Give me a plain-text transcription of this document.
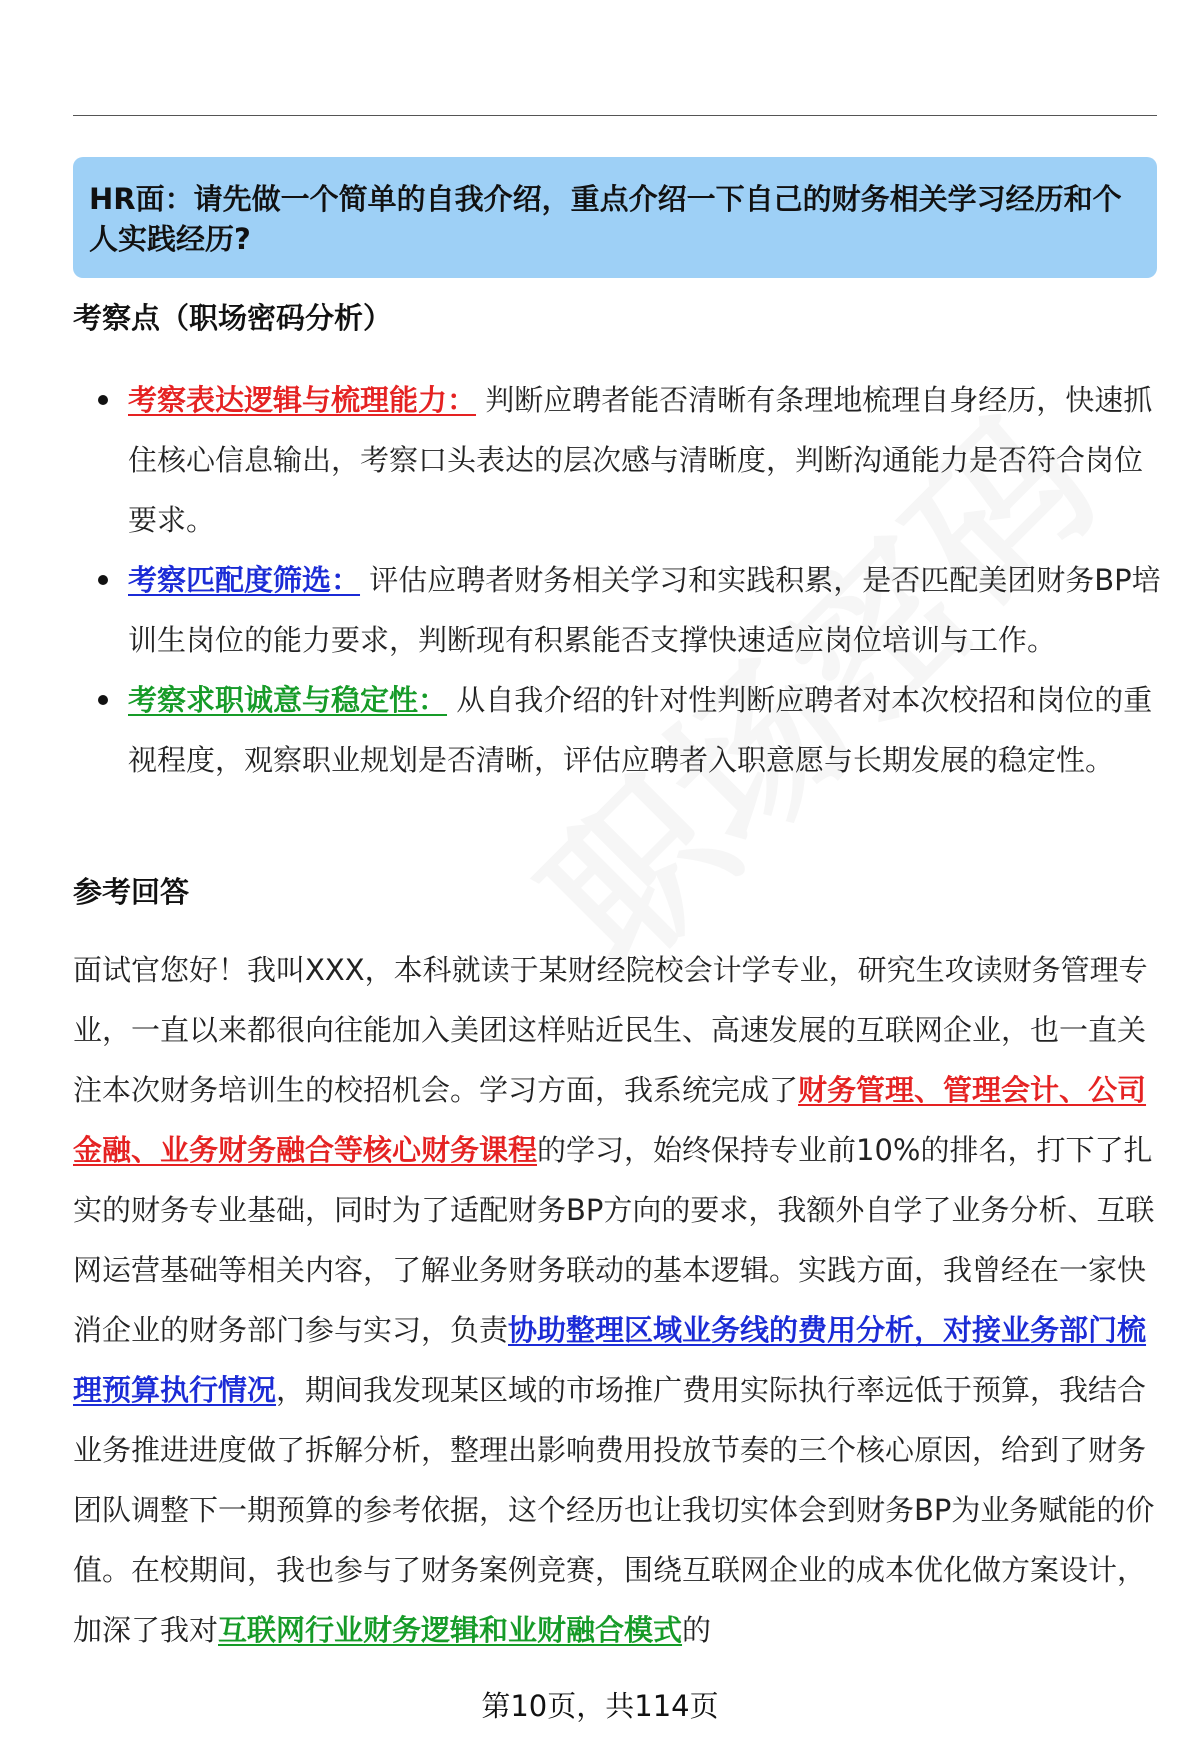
HR面：请先做一个简单的自我介绍，重点介绍一下自己的财务相关学习经历和个人实践经历?
考察点（职场密码分析）
考察表达逻辑与梳理能力： 判断应聘者能否清晰有条理地梳理自身经历，快速抓住核心信息输出，考察口头表达的层次感与清晰度，判断沟通能力是否符合岗位要求。
考察匹配度筛选： 评估应聘者财务相关学习和实践积累，是否匹配美团财务BP培训生岗位的能力要求，判断现有积累能否支撑快速适应岗位培训与工作。
考察求职诚意与稳定性： 从自我介绍的针对性判断应聘者对本次校招和岗位的重视程度，观察职业规划是否清晰，评估应聘者入职意愿与长期发展的稳定性。
参考回答
面试官您好！我叫XXX，本科就读于某财经院校会计学专业，研究生攻读财务管理专业，一直以来都很向往能加入美团这样贴近民生、高速发展的互联网企业，也一直关注本次财务培训生的校招机会。学习方面，我系统完成了财务管理、管理会计、公司金融、业务财务融合等核心财务课程的学习，始终保持专业前10%的排名，打下了扎实的财务专业基础，同时为了适配财务BP方向的要求，我额外自学了业务分析、互联网运营基础等相关内容，了解业务财务联动的基本逻辑。实践方面，我曾经在一家快消企业的财务部门参与实习，负责协助整理区域业务线的费用分析，对接业务部门梳理预算执行情况，期间我发现某区域的市场推广费用实际执行率远低于预算，我结合业务推进进度做了拆解分析，整理出影响费用投放节奏的三个核心原因，给到了财务团队调整下一期预算的参考依据，这个经历也让我切实体会到财务BP为业务赋能的价值。在校期间，我也参与了财务案例竞赛，围绕互联网企业的成本优化做方案设计，加深了我对互联网行业财务逻辑和业财融合模式的
第10页，共114页
